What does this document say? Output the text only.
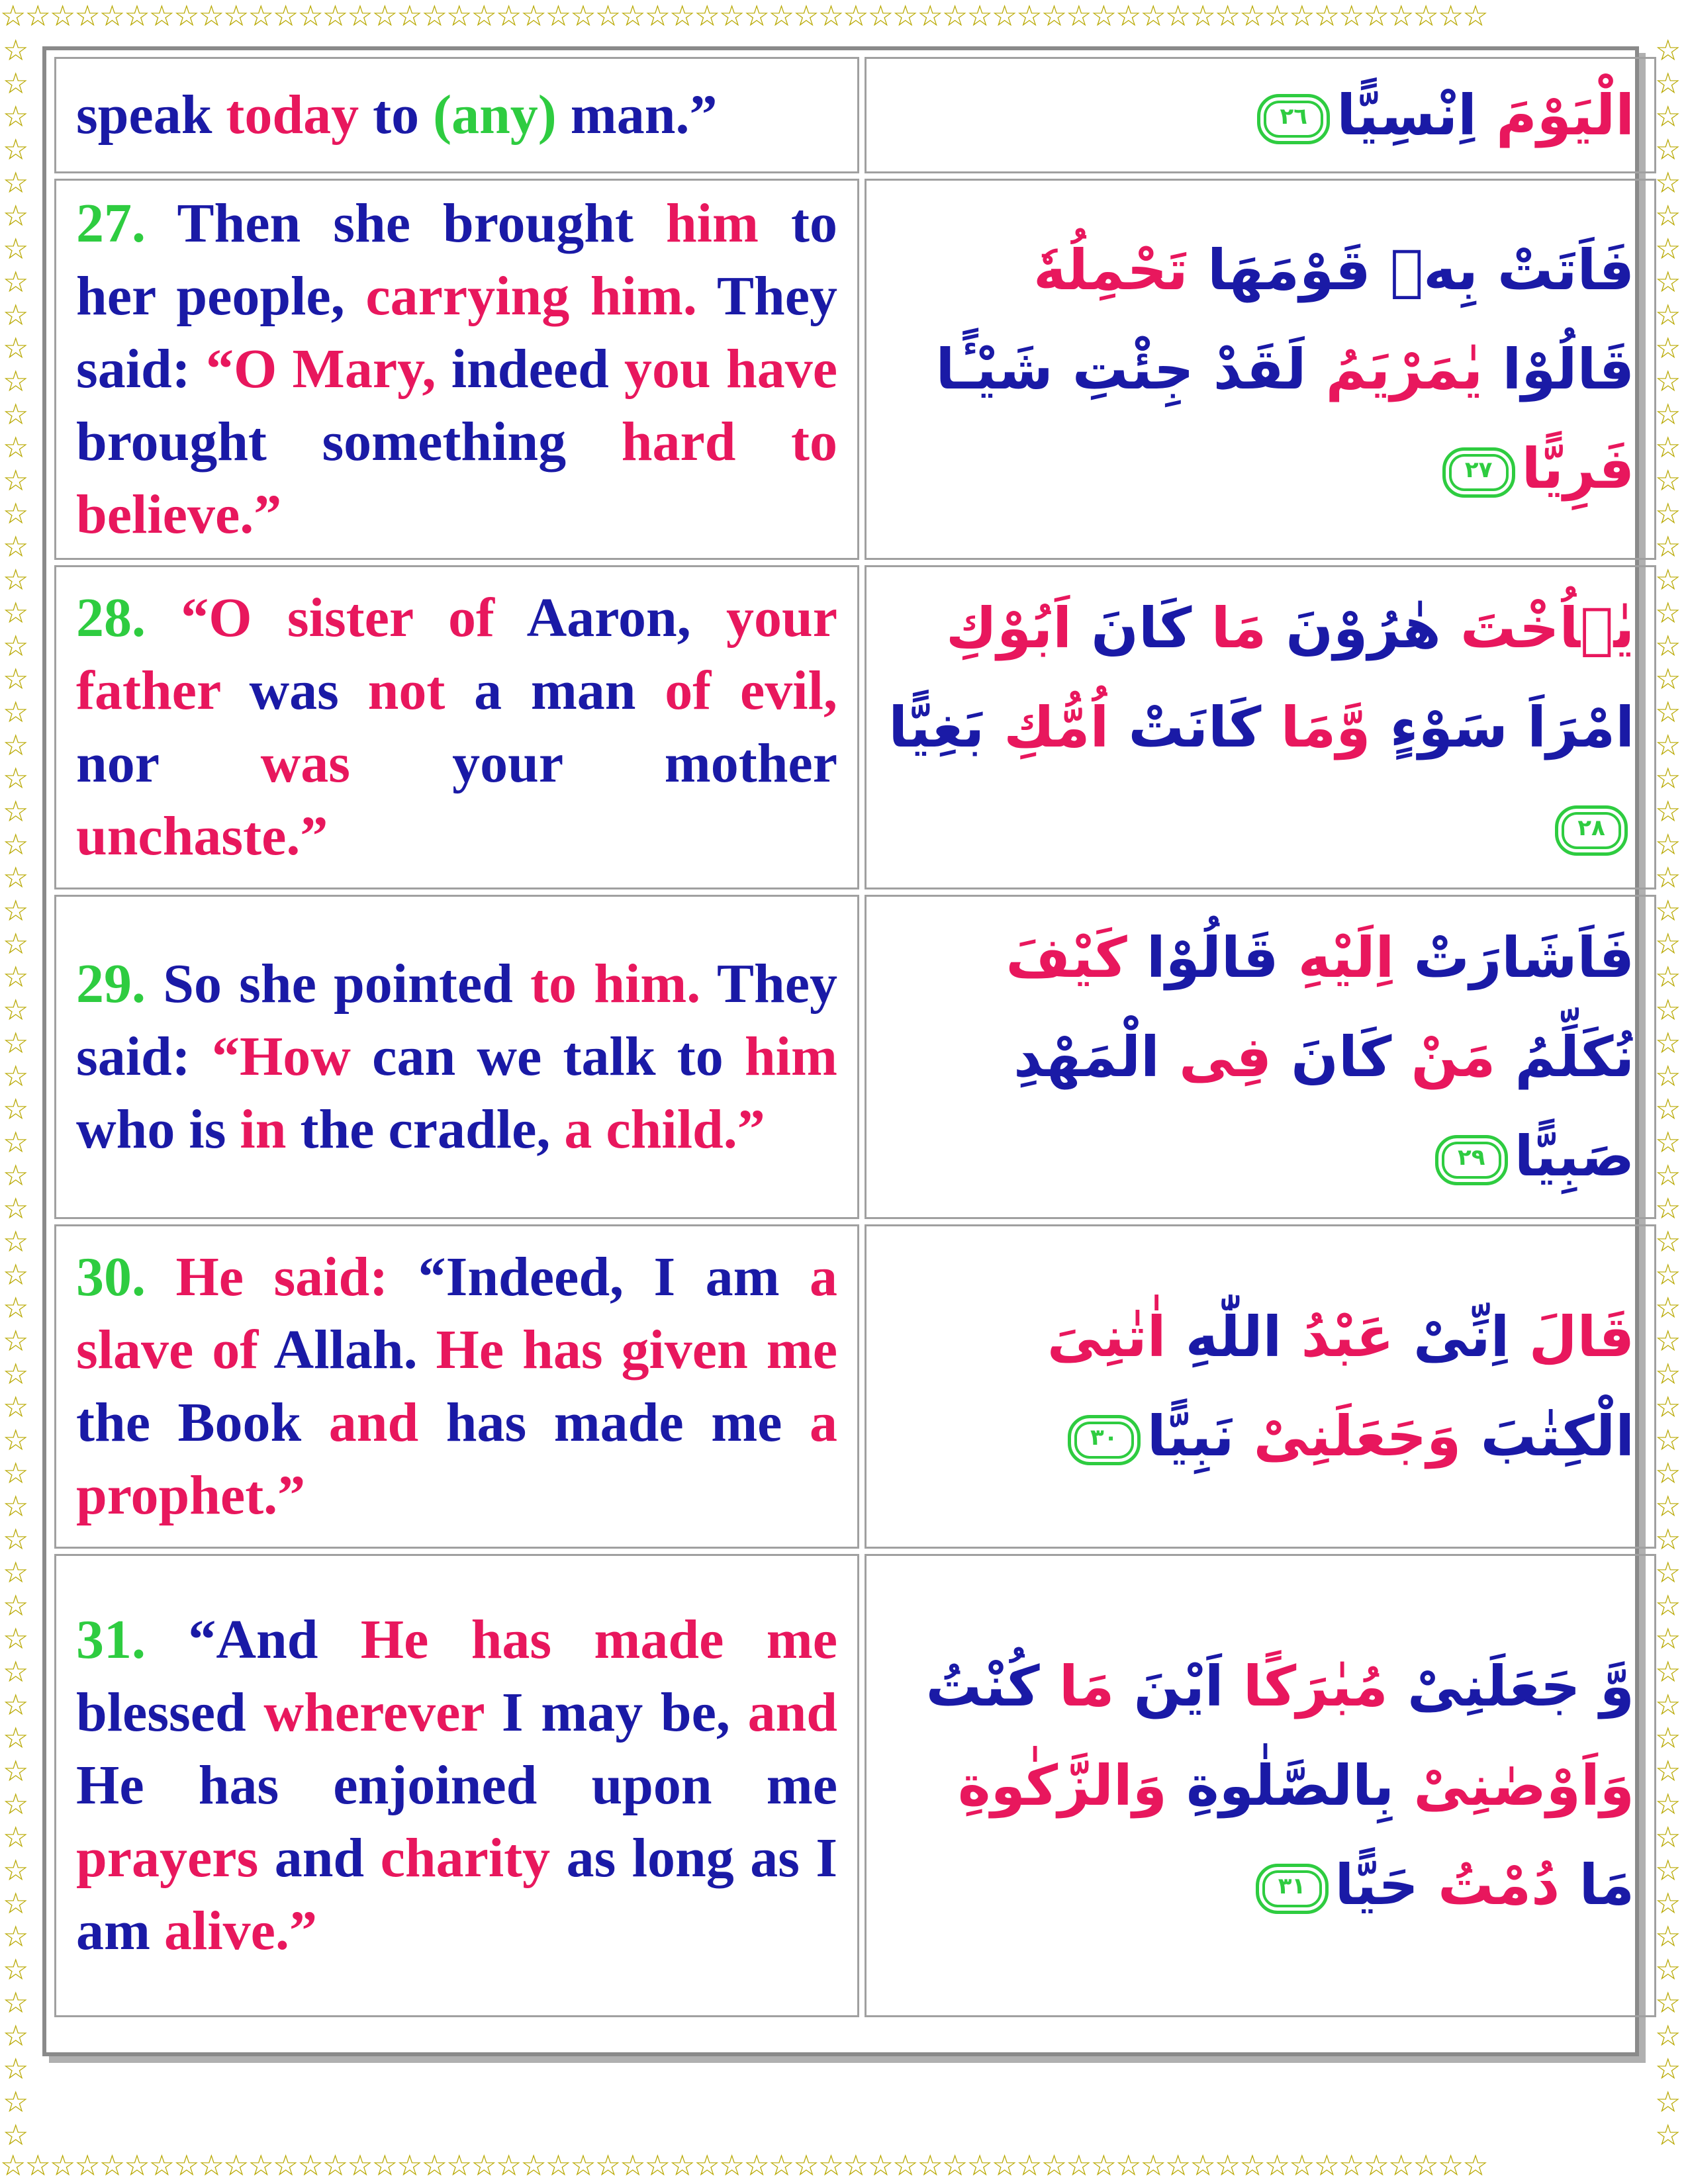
☆☆☆☆☆☆☆☆☆☆☆☆☆☆☆☆☆☆☆☆☆☆☆☆☆☆☆☆☆☆☆☆☆☆☆☆☆☆☆☆☆☆☆☆☆☆☆☆☆☆☆☆☆☆☆☆☆☆☆☆
☆☆☆☆☆☆☆☆☆☆☆☆☆☆☆☆☆☆☆☆☆☆☆☆☆☆☆☆☆☆☆☆☆☆☆☆☆☆☆☆☆☆☆☆☆☆☆☆☆☆☆☆☆☆☆☆☆☆☆☆
☆☆☆☆☆☆☆☆☆☆☆☆☆☆☆☆☆☆☆☆☆☆☆☆☆☆☆☆☆☆☆☆☆☆☆☆☆☆☆☆☆☆☆☆☆☆☆☆☆☆☆☆☆☆☆☆☆☆☆☆☆☆☆☆
☆☆☆☆☆☆☆☆☆☆☆☆☆☆☆☆☆☆☆☆☆☆☆☆☆☆☆☆☆☆☆☆☆☆☆☆☆☆☆☆☆☆☆☆☆☆☆☆☆☆☆☆☆☆☆☆☆☆☆☆☆☆☆☆
speak today to (any) man.”	الْيَوْمَ اِنْسِيًّا٢٦
27. Then she brought him to her people, carrying him. They said: “O Mary, indeed you have brought something hard to believe.”	فَاَتَتْ بِهٖ قَوْمَهَا تَحْمِلُهٗ قَالُوْا يٰمَرْيَمُ لَقَدْ جِئْتِ شَيْـًٔا فَرِيًّا٢٧
28. “O sister of Aaron, your father was not a man of evil, nor was your mother unchaste.”	يٰۤاُخْتَ هٰرُوْنَ مَا كَانَ اَبُوْكِ امْرَاَ سَوْءٍ وَّمَا كَانَتْ اُمُّكِ بَغِيًّا٢٨
29. So she pointed to him. They said: “How can we talk to him who is in the cradle, a child.”	فَاَشَارَتْ اِلَيْهِ قَالُوْا كَيْفَ نُكَلِّمُ مَنْ كَانَ فِى الْمَهْدِ صَبِيًّا٢٩
30. He said: “Indeed, I am a slave of Allah. He has given me the Book and has made me a prophet.”	قَالَ اِنِّىْ عَبْدُ اللّٰهِ اٰتٰنِىَ الْكِتٰبَ وَجَعَلَنِىْ نَبِيًّا٣٠
31. “And He has made me blessed wherever I may be, and He has enjoined upon me prayers and charity as long as I am alive.”	وَّ جَعَلَنِىْ مُبٰرَكًا اَيْنَ مَا كُنْتُ وَاَوْصٰنِىْ بِالصَّلٰوةِ وَالزَّكٰوةِ مَا دُمْتُ حَيًّا٣١
